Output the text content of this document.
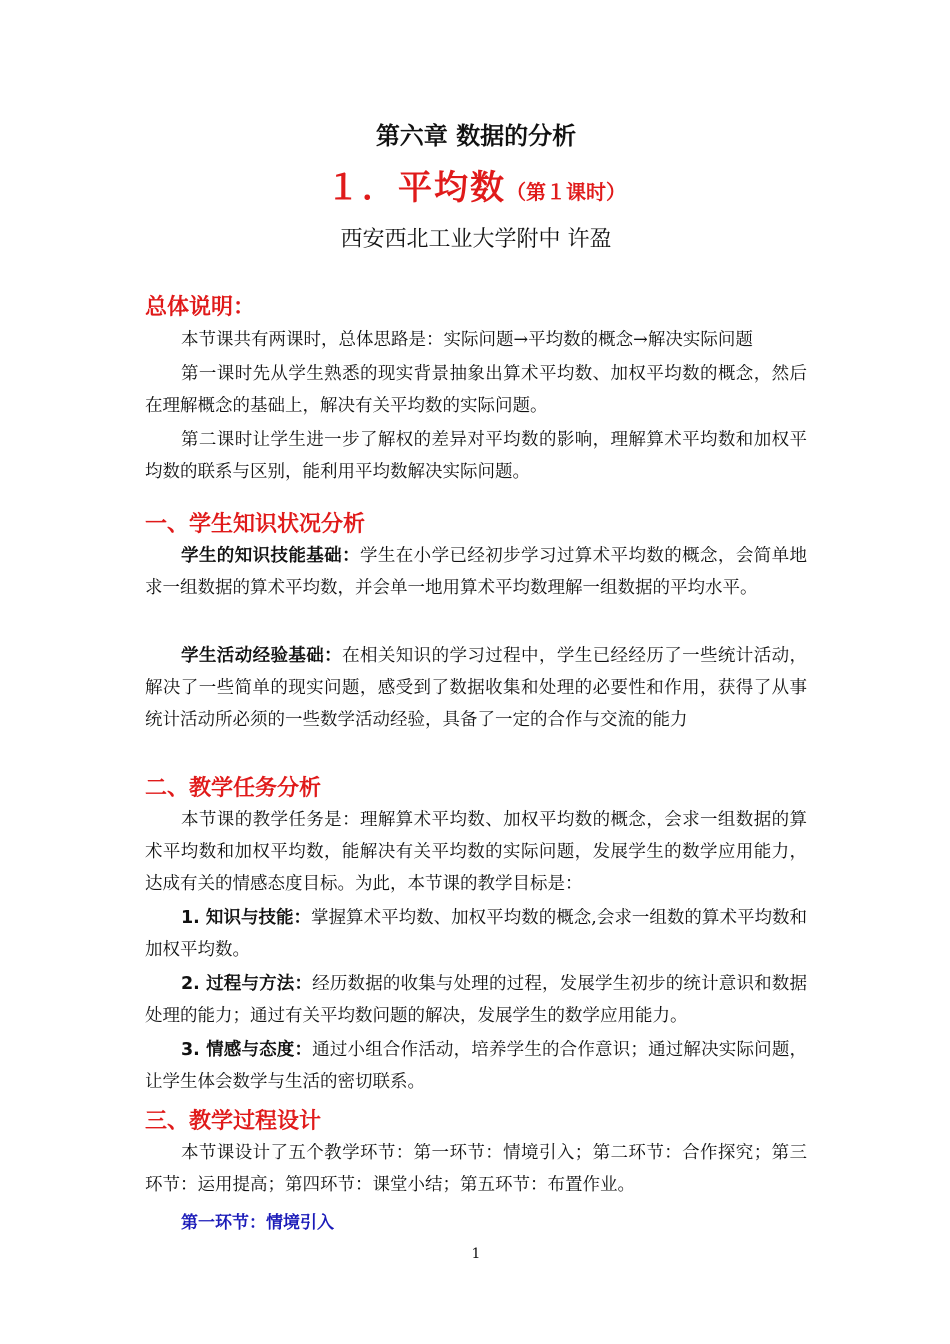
第六章 数据的分析
１．平均数（第１课时）
西安西北工业大学附中 许盈
总体说明：
本节课共有两课时，总体思路是：实际问题→平均数的概念→解决实际问题
第一课时先从学生熟悉的现实背景抽象出算术平均数、加权平均数的概念，然后在理解概念的基础上，解决有关平均数的实际问题。
第二课时让学生进一步了解权的差异对平均数的影响，理解算术平均数和加权平均数的联系与区别，能利用平均数解决实际问题。
一、学生知识状况分析
学生的知识技能基础：学生在小学已经初步学习过算术平均数的概念，会简单地求一组数据的算术平均数，并会单一地用算术平均数理解一组数据的平均水平。
学生活动经验基础：在相关知识的学习过程中，学生已经经历了一些统计活动，解决了一些简单的现实问题，感受到了数据收集和处理的必要性和作用，获得了从事统计活动所必须的一些数学活动经验，具备了一定的合作与交流的能力
二、教学任务分析
本节课的教学任务是：理解算术平均数、加权平均数的概念，会求一组数据的算术平均数和加权平均数，能解决有关平均数的实际问题，发展学生的数学应用能力，达成有关的情感态度目标。为此，本节课的教学目标是：
1. 知识与技能：掌握算术平均数、加权平均数的概念,会求一组数的算术平均数和加权平均数。
2. 过程与方法：经历数据的收集与处理的过程，发展学生初步的统计意识和数据处理的能力；通过有关平均数问题的解决，发展学生的数学应用能力。
3. 情感与态度：通过小组合作活动，培养学生的合作意识；通过解决实际问题，让学生体会数学与生活的密切联系。
三、教学过程设计
本节课设计了五个教学环节：第一环节：情境引入；第二环节：合作探究；第三环节：运用提高；第四环节：课堂小结；第五环节：布置作业。
第一环节：情境引入
1
